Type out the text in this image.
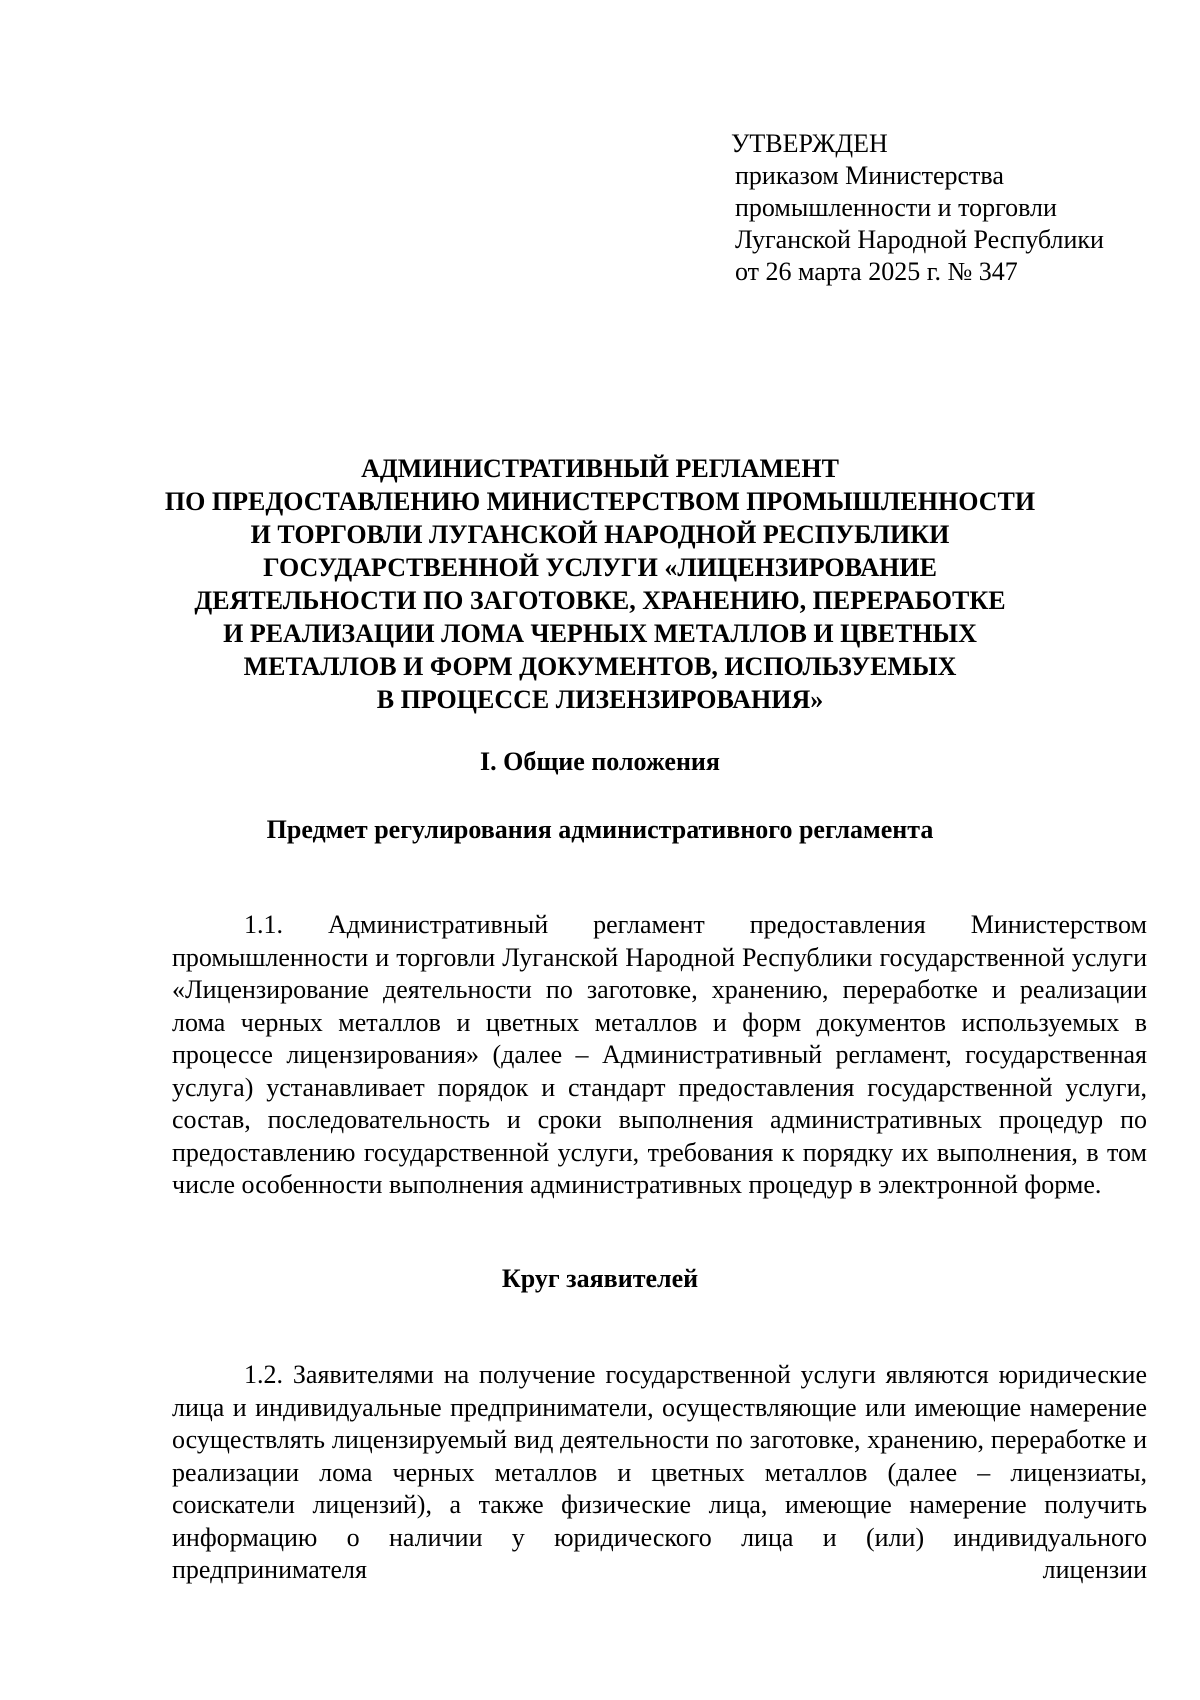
УТВЕРЖДЕН
приказом Министерства
промышленности и торговли
Луганской Народной Республики
от 26 марта 2025 г. № 347
АДМИНИСТРАТИВНЫЙ РЕГЛАМЕНТ
ПО ПРЕДОСТАВЛЕНИЮ МИНИСТЕРСТВОМ ПРОМЫШЛЕННОСТИ
И ТОРГОВЛИ ЛУГАНСКОЙ НАРОДНОЙ РЕСПУБЛИКИ
ГОСУДАРСТВЕННОЙ УСЛУГИ «ЛИЦЕНЗИРОВАНИЕ
ДЕЯТЕЛЬНОСТИ ПО ЗАГОТОВКЕ, ХРАНЕНИЮ, ПЕРЕРАБОТКЕ
И РЕАЛИЗАЦИИ ЛОМА ЧЕРНЫХ МЕТАЛЛОВ И ЦВЕТНЫХ
МЕТАЛЛОВ И ФОРМ ДОКУМЕНТОВ, ИСПОЛЬЗУЕМЫХ
В ПРОЦЕССЕ ЛИЗЕНЗИРОВАНИЯ»
I. Общие положения
Предмет регулирования административного регламента

1.1. Административный регламент предоставления Министерством промышленности и торговли Луганской Народной Республики государственной услуги «Лицензирование деятельности по заготовке, хранению, переработке и реализации лома черных металлов и цветных металлов и форм документов используемых в процессе лицензирования» (далее – Административный регламент, государственная услуга) устанавливает порядок и стандарт предоставления государственной услуги, состав, последовательность и сроки выполнения административных процедур по предоставлению государственной услуги, требования к порядку их выполнения, в том числе особенности выполнения административных процедур в электронной форме.

Круг заявителей

1.2. Заявителями на получение государственной услуги являются юридические лица и индивидуальные предприниматели, осуществляющие или имеющие намерение осуществлять лицензируемый вид деятельности по заготовке, хранению, переработке и реализации лома черных металлов и цветных металлов (далее – лицензиаты, соискатели лицензий), а также физические лица, имеющие намерение получить информацию о наличии у юридического лица и (или) индивидуального предпринимателя лицензии
